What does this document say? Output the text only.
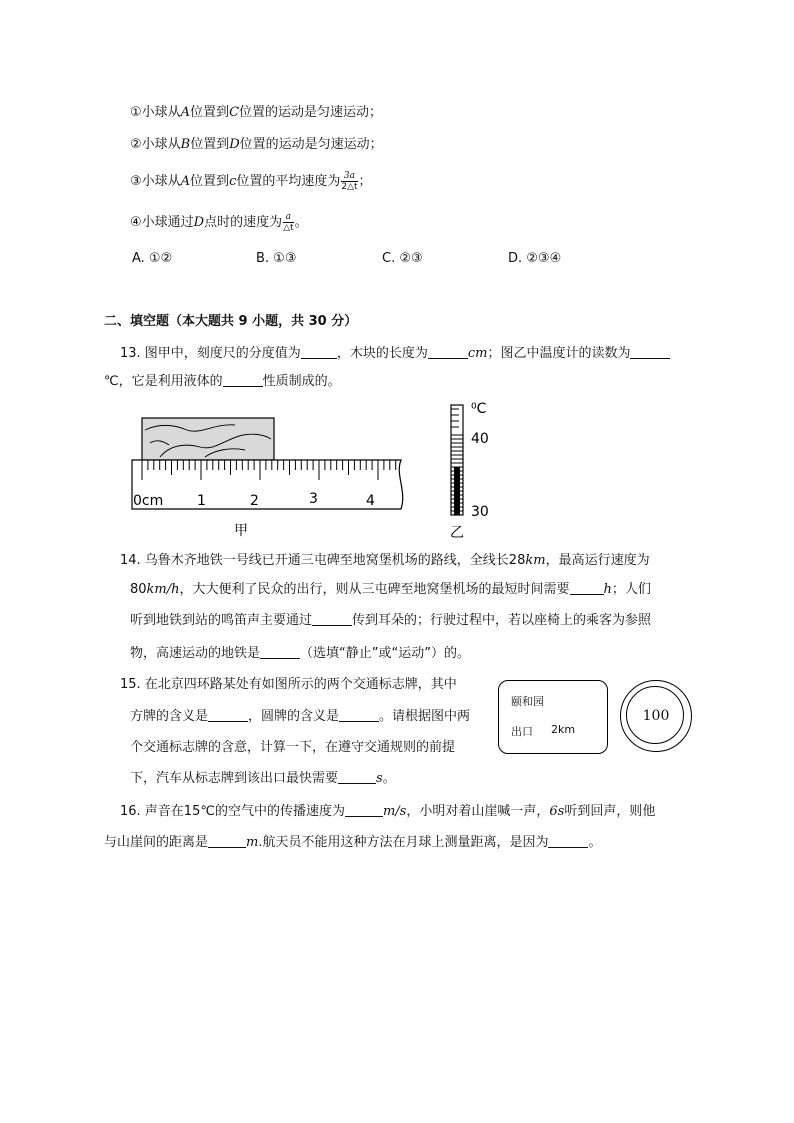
①小球从A位置到C位置的运动是匀速运动；
②小球从B位置到D位置的运动是匀速运动；
③小球从A位置到c位置的平均速度为 $\frac{3a}{2\triangle t}$ ；
④小球通过D点时的速度为 $\frac{a}{\triangle t}$ 。
A. ①②	B. ①③	C. ②③	D. ②③④
二、填空题（本大题共 9 小题，共 30 分）
13. 图甲中，刻度尺的分度值为	，木块的长度为	cm；图乙中温度计的读数为
℃，它是利用液体的	性质制成的。
0cm 1	2	3	4
甲
⁰C
40
30
乙
14. 乌鲁木齐地铁一号线已开通三屯碑至地窝堡机场的路线，全线长28km，最高运行速度为
80km/h，大大便利了民众的出行，则从三屯碑至地窝堡机场的最短时间需要	h；人们
听到地铁到站的鸣笛声主要通过	传到耳朵的；行驶过程中，若以座椅上的乘客为参照
物，高速运动的地铁是	（选填“静止”或“运动”）的。
15. 在北京四环路某处有如图所示的两个交通标志牌，其中
方牌的含义是	，圆牌的含义是	。请根据图中两
个交通标志牌的含意，计算一下，在遵守交通规则的前提
下，汽车从标志牌到该出口最快需要	s。
颐和园
出口 2km
100
16. 声音在15℃的空气中的传播速度为	m/s，小明对着山崖喊一声，6s听到回声，则他
与山崖间的距离是	m.航天员不能用这种方法在月球上测量距离，是因为	。
